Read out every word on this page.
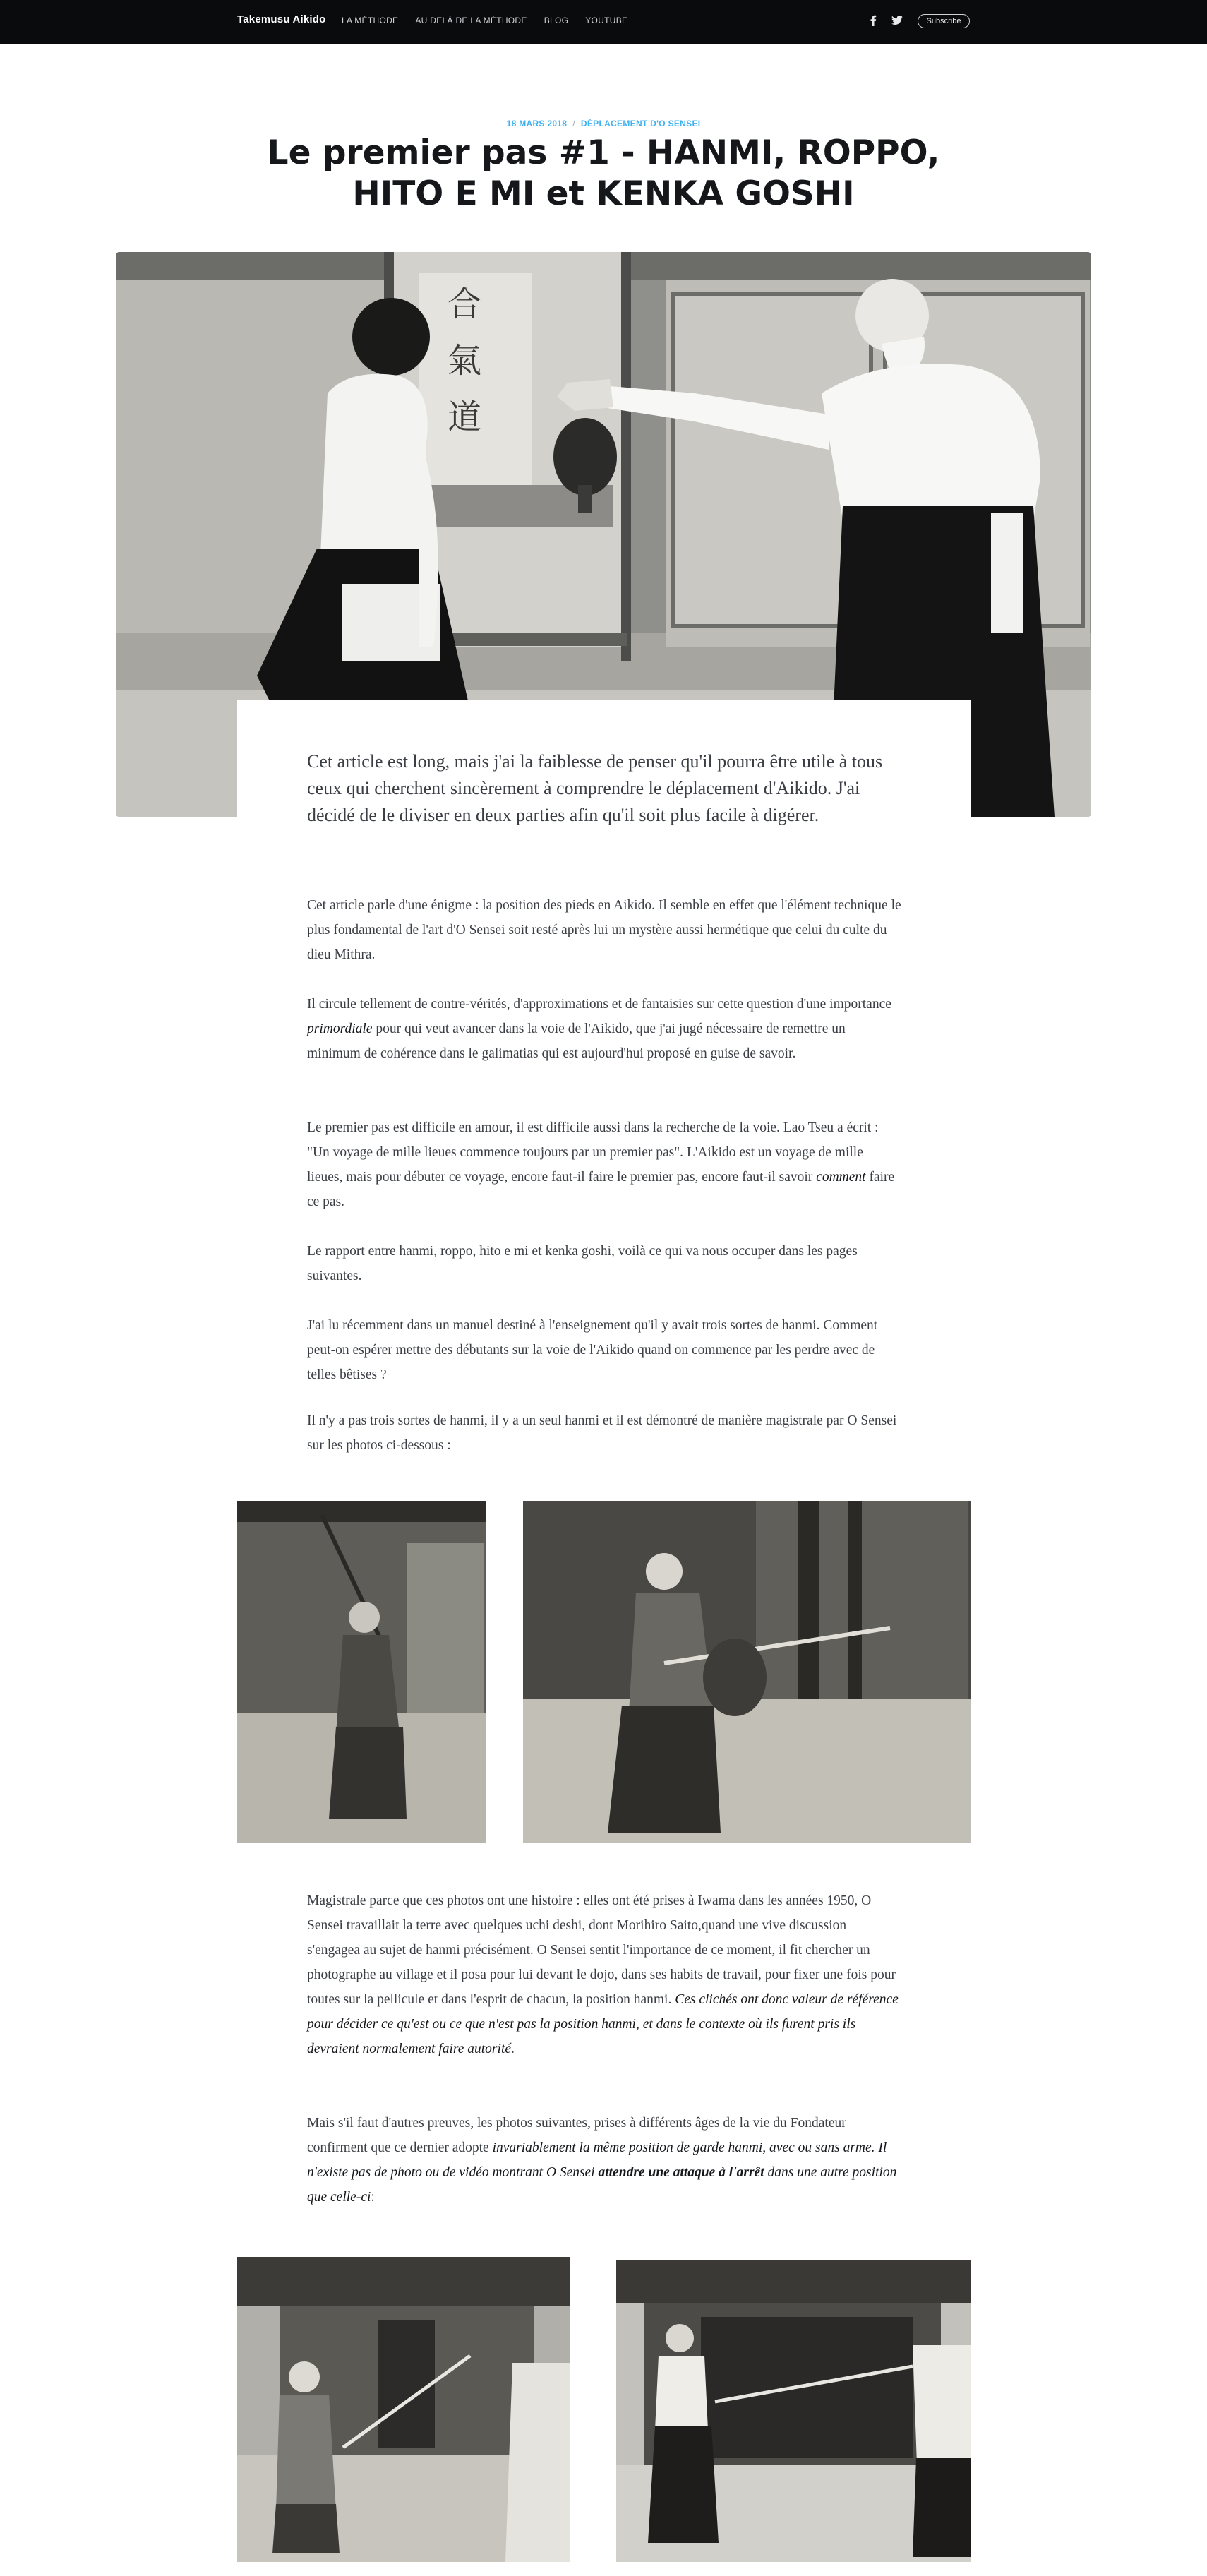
Takemusu Aikido LA MÉTHODE AU DELÀ DE LA MÉTHODE BLOG YOUTUBE	Subscribe
18 MARS 2018 / DÉPLACEMENT D'O SENSEI
Le premier pas #1 - HANMI, ROPPO,
HITO E MI et KENKA GOSHI
合
氣
道

Cet article est long, mais j'ai la faiblesse de penser qu'il pourra être utile à tous ceux qui cherchent sincèrement à comprendre le déplacement d'Aikido. J'ai décidé de le diviser en deux parties afin qu'il soit plus facile à digérer.

Cet article parle d'une énigme : la position des pieds en Aikido. Il semble en effet que l'élément technique le plus fondamental de l'art d'O Sensei soit resté après lui un mystère aussi hermétique que celui du culte du dieu Mithra.

Il circule tellement de contre-vérités, d'approximations et de fantaisies sur cette question d'une importance primordiale pour qui veut avancer dans la voie de l'Aikido, que j'ai jugé nécessaire de remettre un minimum de cohérence dans le galimatias qui est aujourd'hui proposé en guise de savoir.

Le premier pas est difficile en amour, il est difficile aussi dans la recherche de la voie. Lao Tseu a écrit : "Un voyage de mille lieues commence toujours par un premier pas". L'Aikido est un voyage de mille lieues, mais pour débuter ce voyage, encore faut-il faire le premier pas, encore faut-il savoir comment faire ce pas.

Le rapport entre hanmi, roppo, hito e mi et kenka goshi, voilà ce qui va nous occuper dans les pages suivantes.

J'ai lu récemment dans un manuel destiné à l'enseignement qu'il y avait trois sortes de hanmi. Comment peut-on espérer mettre des débutants sur la voie de l'Aikido quand on commence par les perdre avec de telles bêtises ?

Il n'y a pas trois sortes de hanmi, il y a un seul hanmi et il est démontré de manière magistrale par O Sensei sur les photos ci-dessous :

Magistrale parce que ces photos ont une histoire : elles ont été prises à Iwama dans les années 1950, O Sensei travaillait la terre avec quelques uchi deshi, dont Morihiro Saito,quand une vive discussion s'engagea au sujet de hanmi précisément. O Sensei sentit l'importance de ce moment, il fit chercher un photographe au village et il posa pour lui devant le dojo, dans ses habits de travail, pour fixer une fois pour toutes sur la pellicule et dans l'esprit de chacun, la position hanmi. Ces clichés ont donc valeur de référence pour décider ce qu'est ou ce que n'est pas la position hanmi, et dans le contexte où ils furent pris ils devraient normalement faire autorité.

Mais s'il faut d'autres preuves, les photos suivantes, prises à différents âges de la vie du Fondateur confirment que ce dernier adopte invariablement la même position de garde hanmi, avec ou sans arme. Il n'existe pas de photo ou de vidéo montrant O Sensei attendre une attaque à l'arrêt dans une autre position que celle-ci:
